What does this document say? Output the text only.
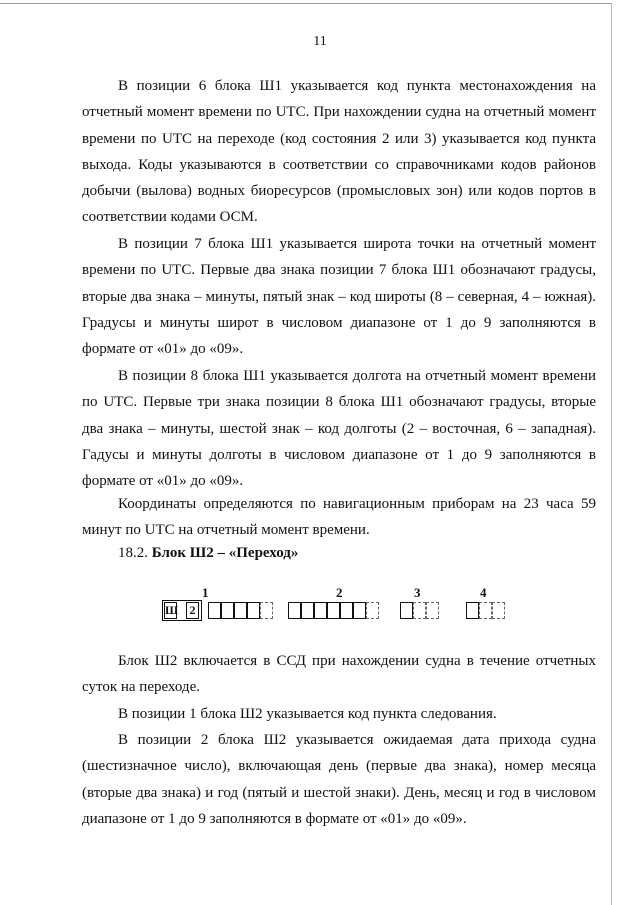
11

В позиции 6 блока Ш1 указывается код пункта местонахождения на отчетный момент времени по UTC. При нахождении судна на отчетный момент времени по UTC на переходе (код состояния 2 или 3) указывается код пункта выхода. Коды указываются в соответствии со справочниками кодов районов добычи (вылова) водных биоресурсов (промысловых зон) или кодов портов в соответствии кодами ОСМ.

В позиции 7 блока Ш1 указывается широта точки на отчетный момент времени по UTC. Первые два знака позиции 7 блока Ш1 обозначают градусы, вторые два знака – минуты, пятый знак – код широты (8 – северная, 4 – южная). Градусы и минуты широт в числовом диапазоне от 1 до 9 заполняются в формате от «01» до «09».

В позиции 8 блока Ш1 указывается долгота на отчетный момент времени по UTC. Первые три знака позиции 8 блока Ш1 обозначают градусы, вторые два знака – минуты, шестой знак – код долготы (2 – восточная, 6 – западная). Гадусы и минуты долготы в числовом диапазоне от 1 до 9 заполняются в формате от «01» до «09».

Координаты определяются по навигационным приборам на 23 часа 59 минут по UTC на отчетный момент времени.

18.2. Блок Ш2 – «Переход»
1	2	3	4
Ш 2

Блок Ш2 включается в ССД при нахождении судна в течение отчетных суток на переходе.

В позиции 1 блока Ш2 указывается код пункта следования.

В позиции 2 блока Ш2 указывается ожидаемая дата прихода судна (шестизначное число), включающая день (первые два знака), номер месяца (вторые два знака) и год (пятый и шестой знаки). День, месяц и год в числовом диапазоне от 1 до 9 заполняются в формате от «01» до «09».
